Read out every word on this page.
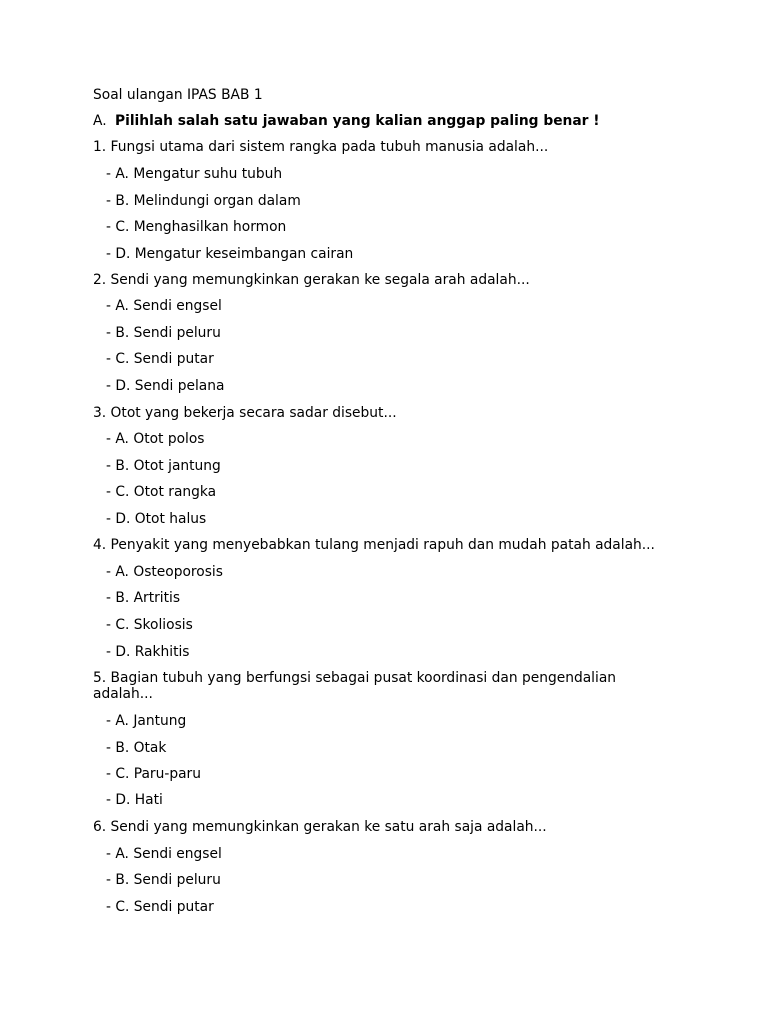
Soal ulangan IPAS BAB 1
A. Pilihlah salah satu jawaban yang kalian anggap paling benar !
1. Fungsi utama dari sistem rangka pada tubuh manusia adalah...
- A. Mengatur suhu tubuh
- B. Melindungi organ dalam
- C. Menghasilkan hormon
- D. Mengatur keseimbangan cairan
2. Sendi yang memungkinkan gerakan ke segala arah adalah...
- A. Sendi engsel
- B. Sendi peluru
- C. Sendi putar
- D. Sendi pelana
3. Otot yang bekerja secara sadar disebut...
- A. Otot polos
- B. Otot jantung
- C. Otot rangka
- D. Otot halus
4. Penyakit yang menyebabkan tulang menjadi rapuh dan mudah patah adalah...
- A. Osteoporosis
- B. Artritis
- C. Skoliosis
- D. Rakhitis
5. Bagian tubuh yang berfungsi sebagai pusat koordinasi dan pengendalian adalah...
- A. Jantung
- B. Otak
- C. Paru-paru
- D. Hati
6. Sendi yang memungkinkan gerakan ke satu arah saja adalah...
- A. Sendi engsel
- B. Sendi peluru
- C. Sendi putar
